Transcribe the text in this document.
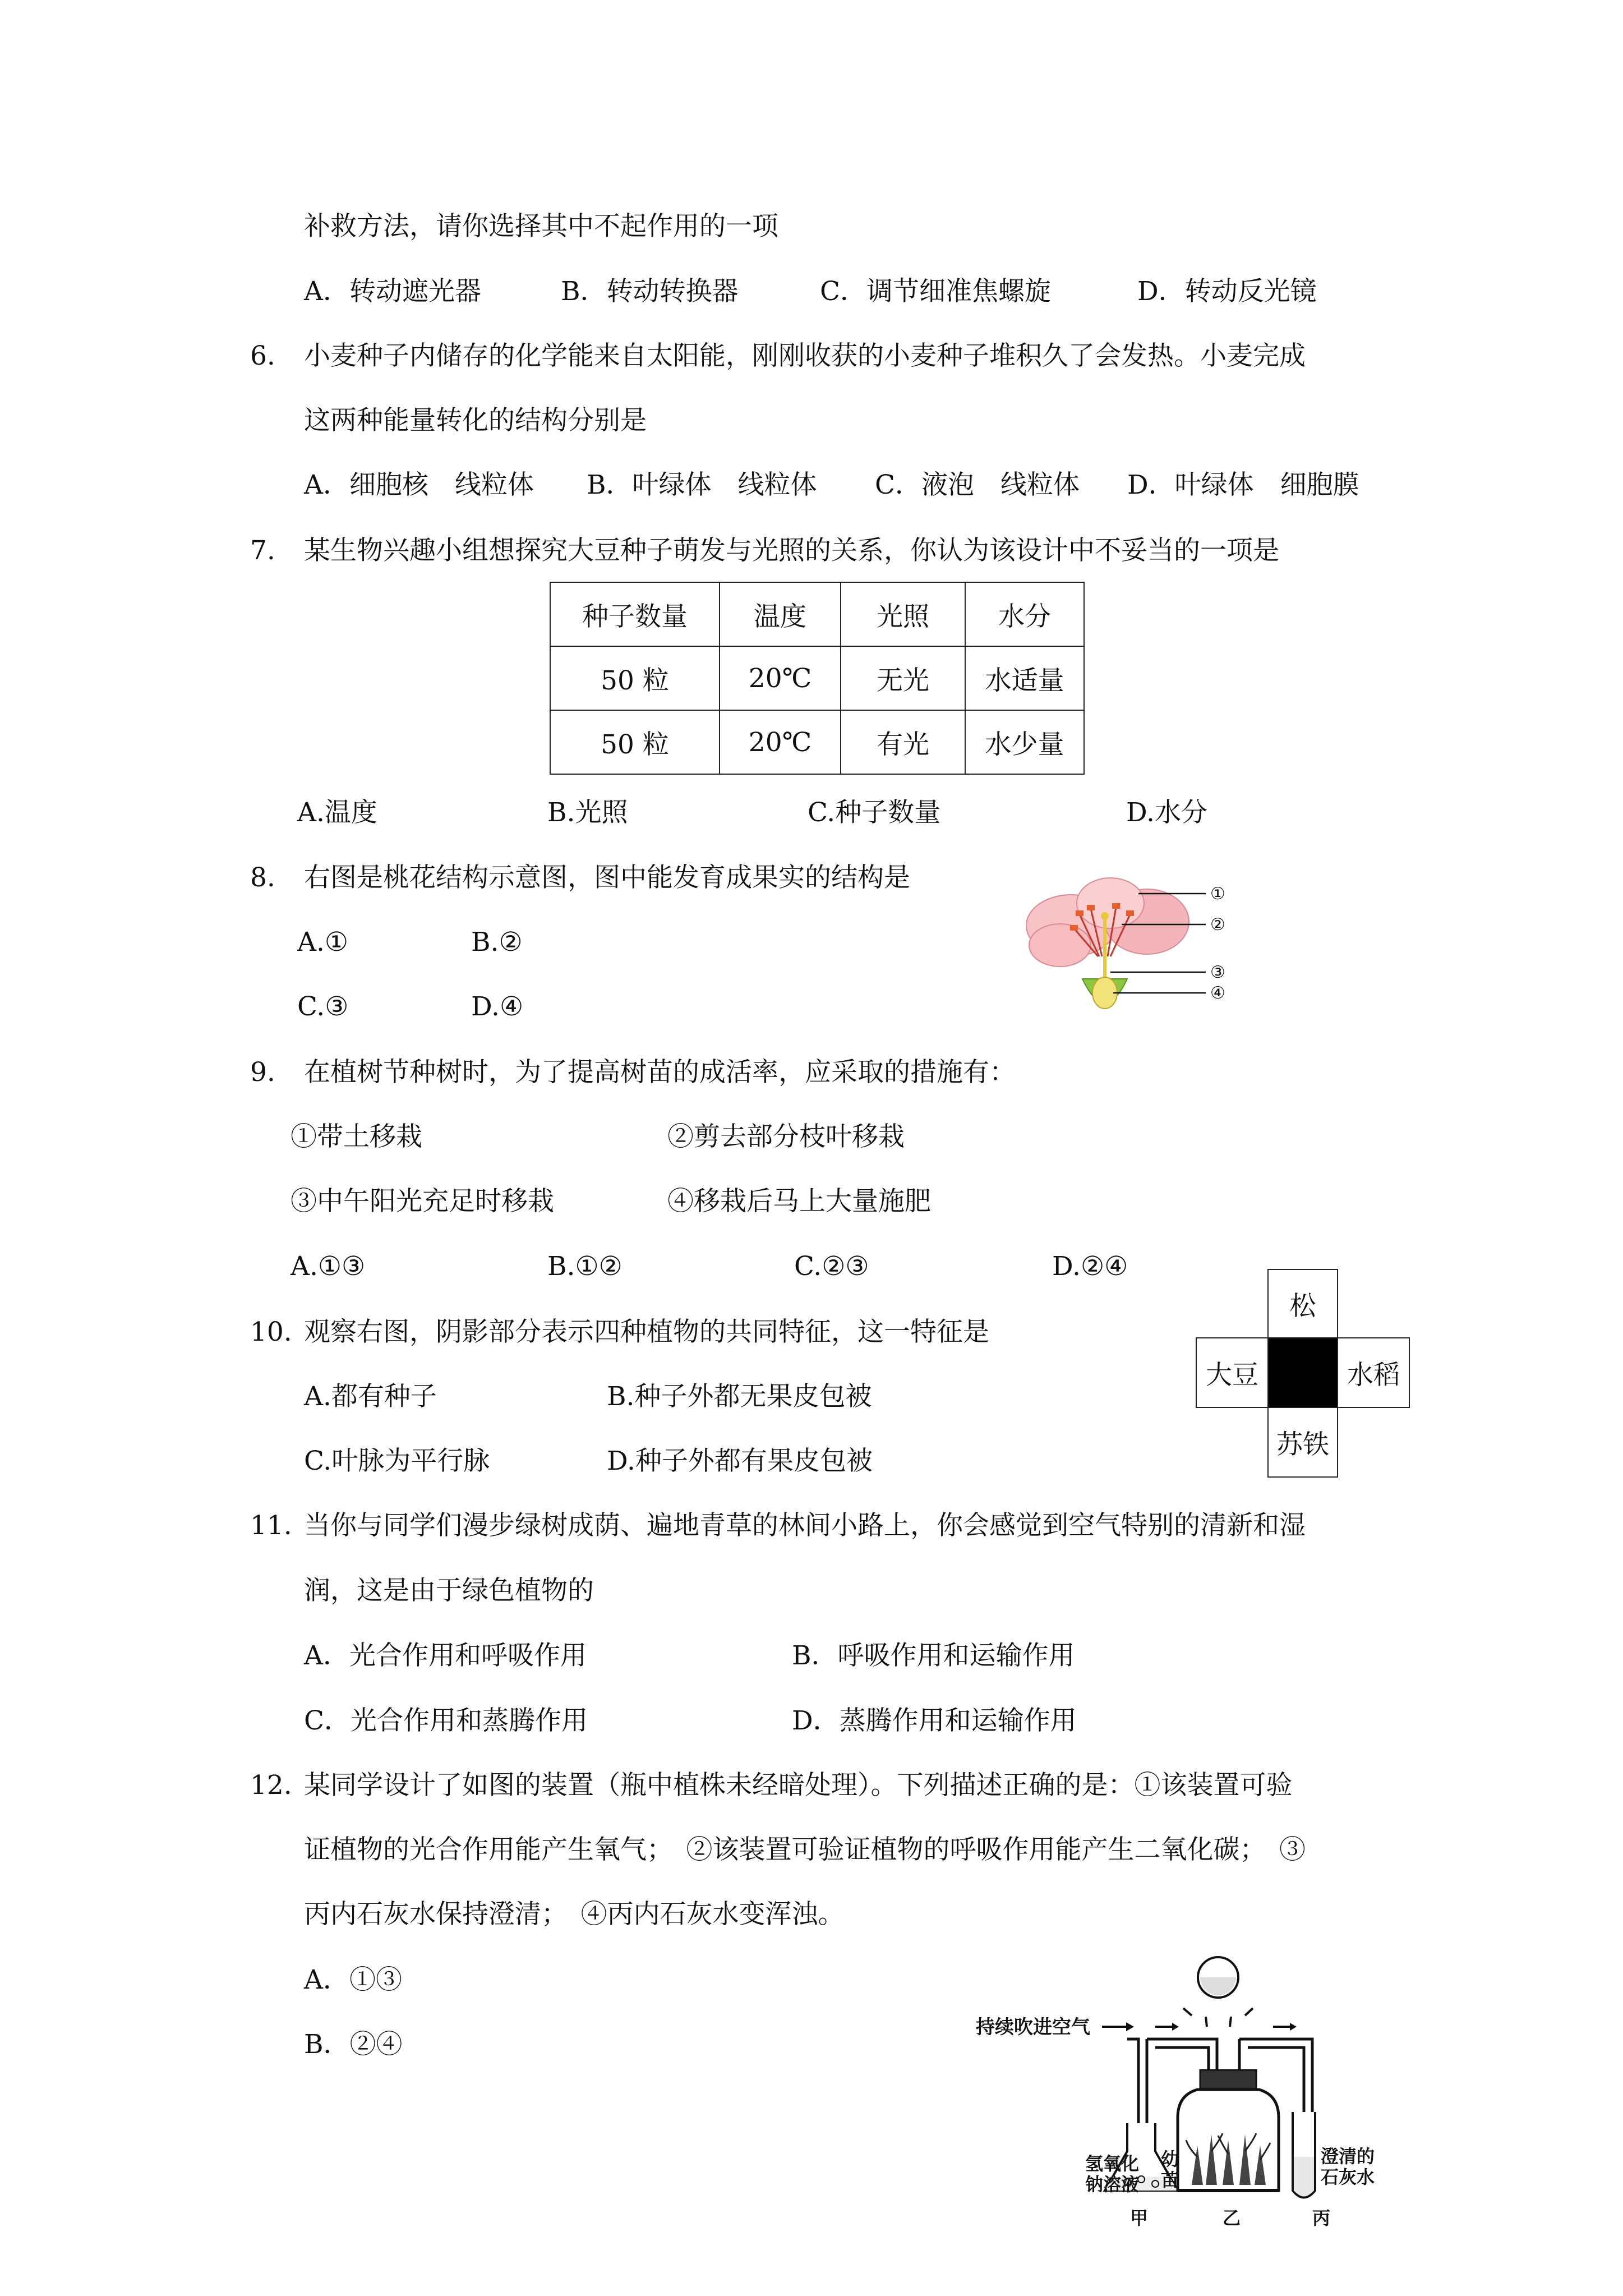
补救方法，请你选择其中不起作用的一项
A．转动遮光器	B．转动转换器	C．调节细准焦螺旋	D．转动反光镜
6. 小麦种子内储存的化学能来自太阳能，刚刚收获的小麦种子堆积久了会发热。小麦完成
这两种能量转化的结构分别是
A．细胞核　线粒体 B．叶绿体　线粒体 C．液泡　线粒体 D．叶绿体　细胞膜
7. 某生物兴趣小组想探究大豆种子萌发与光照的关系，你认为该设计中不妥当的一项是
种子数量	温度	光照	水分
50 粒	20℃	无光	水适量
50 粒	20℃	有光	水少量
A.温度	B.光照	C.种子数量	D.水分
8. 右图是桃花结构示意图，图中能发育成果实的结构是
A.①	B.②
C.③	D.④
①
②
③
④
9. 在植树节种树时，为了提高树苗的成活率，应采取的措施有：
①带土移栽	②剪去部分枝叶移栽
③中午阳光充足时移栽	④移栽后马上大量施肥
A.①③	B.①②	C.②③	D.②④
10. 观察右图，阴影部分表示四种植物的共同特征，这一特征是
A.都有种子	B.种子外都无果皮包被
C.叶脉为平行脉	D.种子外都有果皮包被
松
大豆	水稻
苏铁
11. 当你与同学们漫步绿树成荫、遍地青草的林间小路上，你会感觉到空气特别的清新和湿
润，这是由于绿色植物的
A．光合作用和呼吸作用	B．呼吸作用和运输作用
C．光合作用和蒸腾作用	D．蒸腾作用和运输作用
12. 某同学设计了如图的装置（瓶中植株未经暗处理）。下列描述正确的是：①该装置可验
证植物的光合作用能产生氧气；　②该装置可验证植物的呼吸作用能产生二氧化碳；　③
丙内石灰水保持澄清；　④丙内石灰水变浑浊。
A．①③
B．②④
持续吹进空气
氢氧化
钠溶液
幼
苗
澄清的
石灰水
甲	乙	丙
